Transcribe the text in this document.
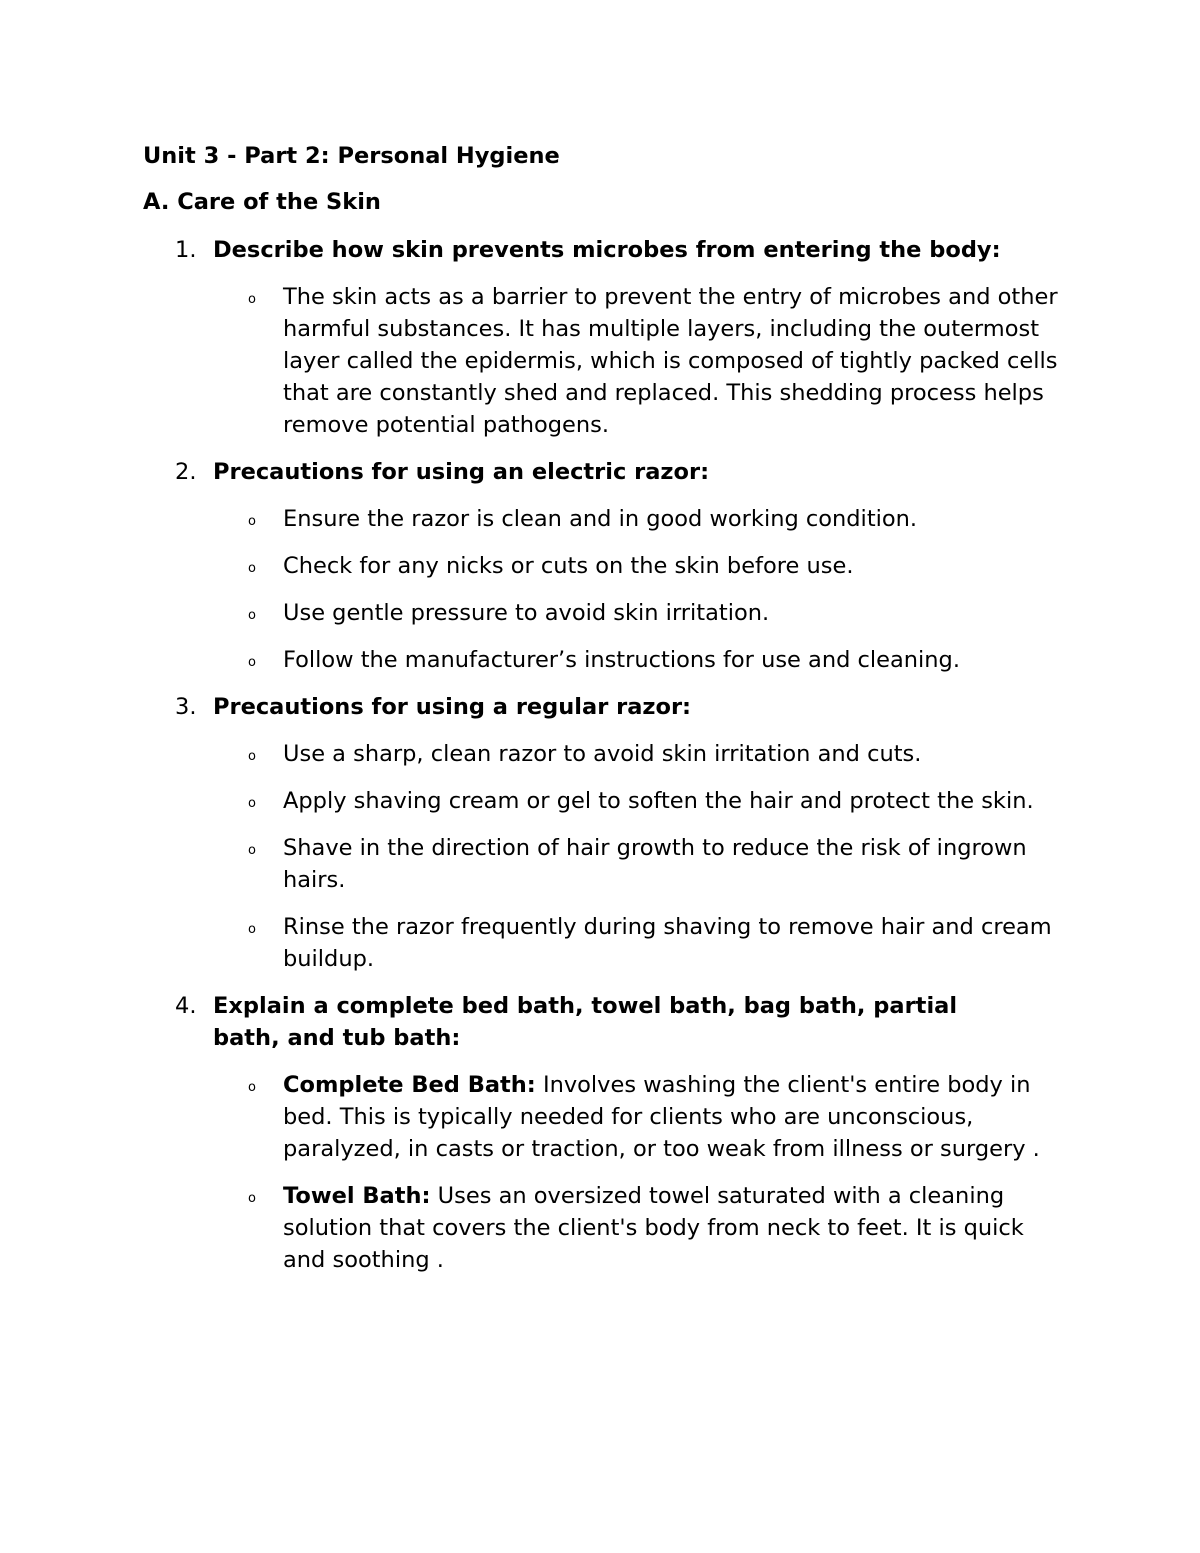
Unit 3 - Part 2: Personal Hygiene
A. Care of the Skin
1. Describe how skin prevents microbes from entering the body:
o The skin acts as a barrier to prevent the entry of microbes and other harmful substances. It has multiple layers, including the outermost layer called the epidermis, which is composed of tightly packed cells that are constantly shed and replaced. This shedding process helps remove potential pathogens.
2. Precautions for using an electric razor:
o Ensure the razor is clean and in good working condition.
o Check for any nicks or cuts on the skin before use.
o Use gentle pressure to avoid skin irritation.
o Follow the manufacturer’s instructions for use and cleaning.
3. Precautions for using a regular razor:
o Use a sharp, clean razor to avoid skin irritation and cuts.
o Apply shaving cream or gel to soften the hair and protect the skin.
o Shave in the direction of hair growth to reduce the risk of ingrown hairs.
o Rinse the razor frequently during shaving to remove hair and cream buildup.
4. Explain a complete bed bath, towel bath, bag bath, partial bath, and tub bath:
o Complete Bed Bath: Involves washing the client's entire body in bed. This is typically needed for clients who are unconscious, paralyzed, in casts or traction, or too weak from illness or surgery .
o Towel Bath: Uses an oversized towel saturated with a cleaning solution that covers the client's body from neck to feet. It is quick and soothing .
